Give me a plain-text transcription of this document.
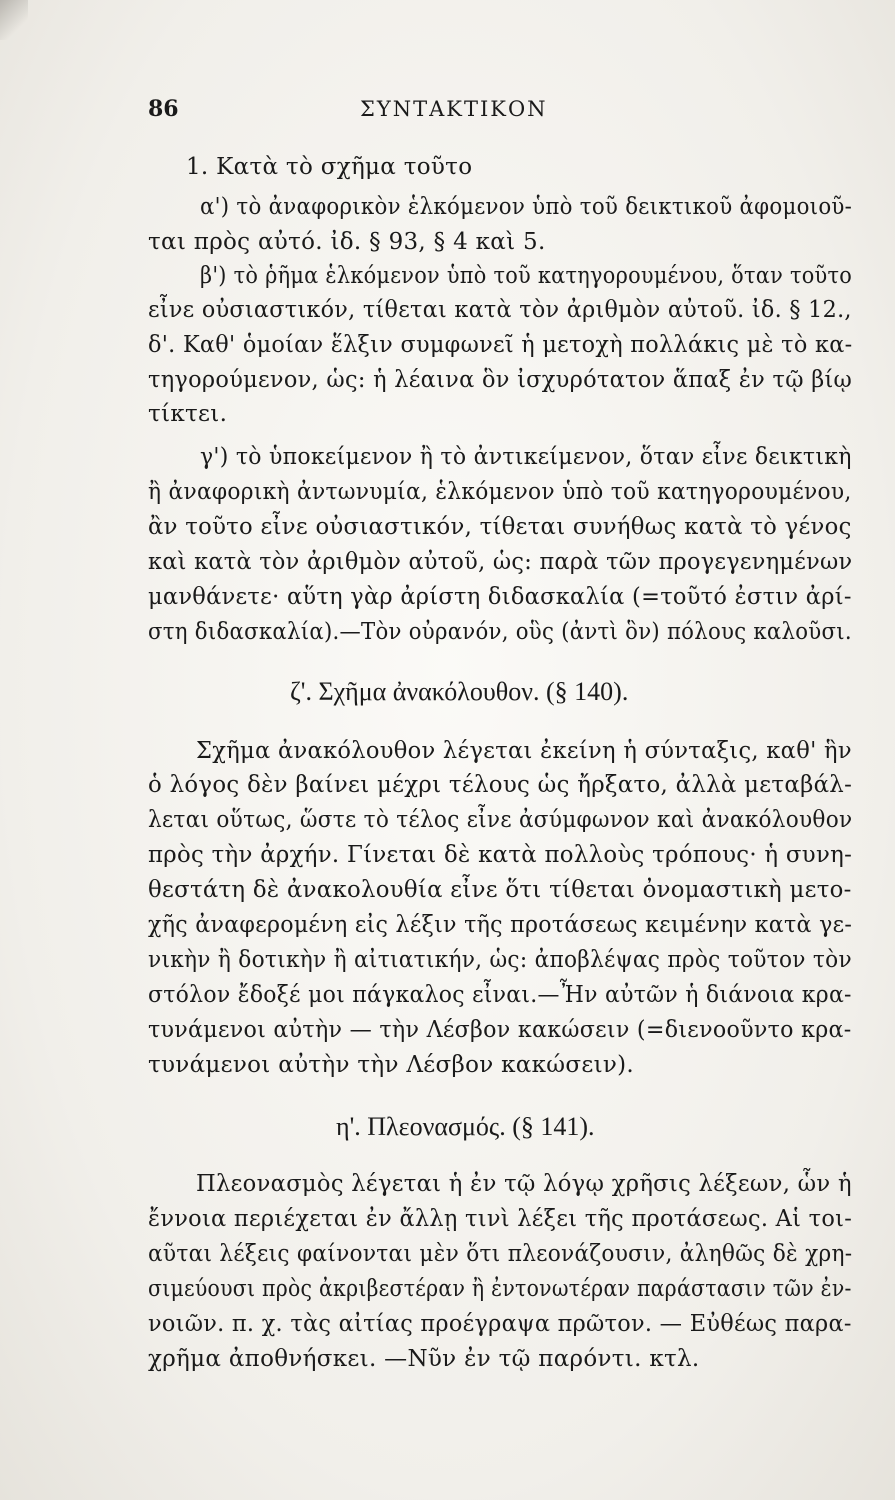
86	ΣΥΝΤΑΚΤΙΚΟΝ
1. Κατὰ τὸ σχῆμα τοῦτο
α') τὸ ἀναφορικὸν ἑλκόμενον ὑπὸ τοῦ δεικτικοῦ ἀφομοιοῦ-
ται πρὸς αὐτό. ἰδ. § 93, § 4 καὶ 5.
β') τὸ ῥῆμα ἑλκόμενον ὑπὸ τοῦ κατηγορουμένου, ὅταν τοῦτο
εἶνε οὐσιαστικόν, τίθεται κατὰ τὸν ἀριθμὸν αὐτοῦ. ἰδ. § 12.,
δ'. Καθ' ὁμοίαν ἕλξιν συμφωνεῖ ἡ μετοχὴ πολλάκις μὲ τὸ κα-
τηγορούμενον, ὡς: ἡ λέαινα ὃν ἰσχυρότατον ἅπαξ ἐν τῷ βίῳ
τίκτει.
γ') τὸ ὑποκείμενον ἢ τὸ ἀντικείμενον, ὅταν εἶνε δεικτικὴ
ἢ ἀναφορικὴ ἀντωνυμία, ἑλκόμενον ὑπὸ τοῦ κατηγορουμένου,
ἂν τοῦτο εἶνε οὐσιαστικόν, τίθεται συνήθως κατὰ τὸ γένος
καὶ κατὰ τὸν ἀριθμὸν αὐτοῦ, ὡς: παρὰ τῶν προγεγενημένων
μανθάνετε· αὕτη γὰρ ἀρίστη διδασκαλία (=τοῦτό ἐστιν ἀρί-
στη διδασκαλία).—Τὸν οὐρανόν, οὓς (ἀντὶ ὃν) πόλους καλοῦσι.
ζ'. Σχῆμα ἀνακόλουθον. (§ 140).
Σχῆμα ἀνακόλουθον λέγεται ἐκείνη ἡ σύνταξις, καθ' ἣν
ὁ λόγος δὲν βαίνει μέχρι τέλους ὡς ἤρξατο, ἀλλὰ μεταβάλ-
λεται οὕτως, ὥστε τὸ τέλος εἶνε ἀσύμφωνον καὶ ἀνακόλουθον
πρὸς τὴν ἀρχήν. Γίνεται δὲ κατὰ πολλοὺς τρόπους· ἡ συνη-
θεστάτη δὲ ἀνακολουθία εἶνε ὅτι τίθεται ὀνομαστικὴ μετο-
χῆς ἀναφερομένη εἰς λέξιν τῆς προτάσεως κειμένην κατὰ γε-
νικὴν ἢ δοτικὴν ἢ αἰτιατικήν, ὡς: ἀποβλέψας πρὸς τοῦτον τὸν
στόλον ἔδοξέ μοι πάγκαλος εἶναι.—Ἦν αὐτῶν ἡ διάνοια κρα-
τυνάμενοι αὐτὴν — τὴν Λέσβον κακώσειν (=διενοοῦντο κρα-
τυνάμενοι αὐτὴν τὴν Λέσβον κακώσειν).
η'. Πλεονασμός. (§ 141).
Πλεονασμὸς λέγεται ἡ ἐν τῷ λόγῳ χρῆσις λέξεων, ὧν ἡ
ἔννοια περιέχεται ἐν ἄλλῃ τινὶ λέξει τῆς προτάσεως. Αἱ τοι-
αῦται λέξεις φαίνονται μὲν ὅτι πλεονάζουσιν, ἀληθῶς δὲ χρη-
σιμεύουσι πρὸς ἀκριβεστέραν ἢ ἐντονωτέραν παράστασιν τῶν ἐν-
νοιῶν. π. χ. τὰς αἰτίας προέγραψα πρῶτον. — Εὐθέως παρα-
χρῆμα ἀποθνήσκει. —Νῦν ἐν τῷ παρόντι. κτλ.
